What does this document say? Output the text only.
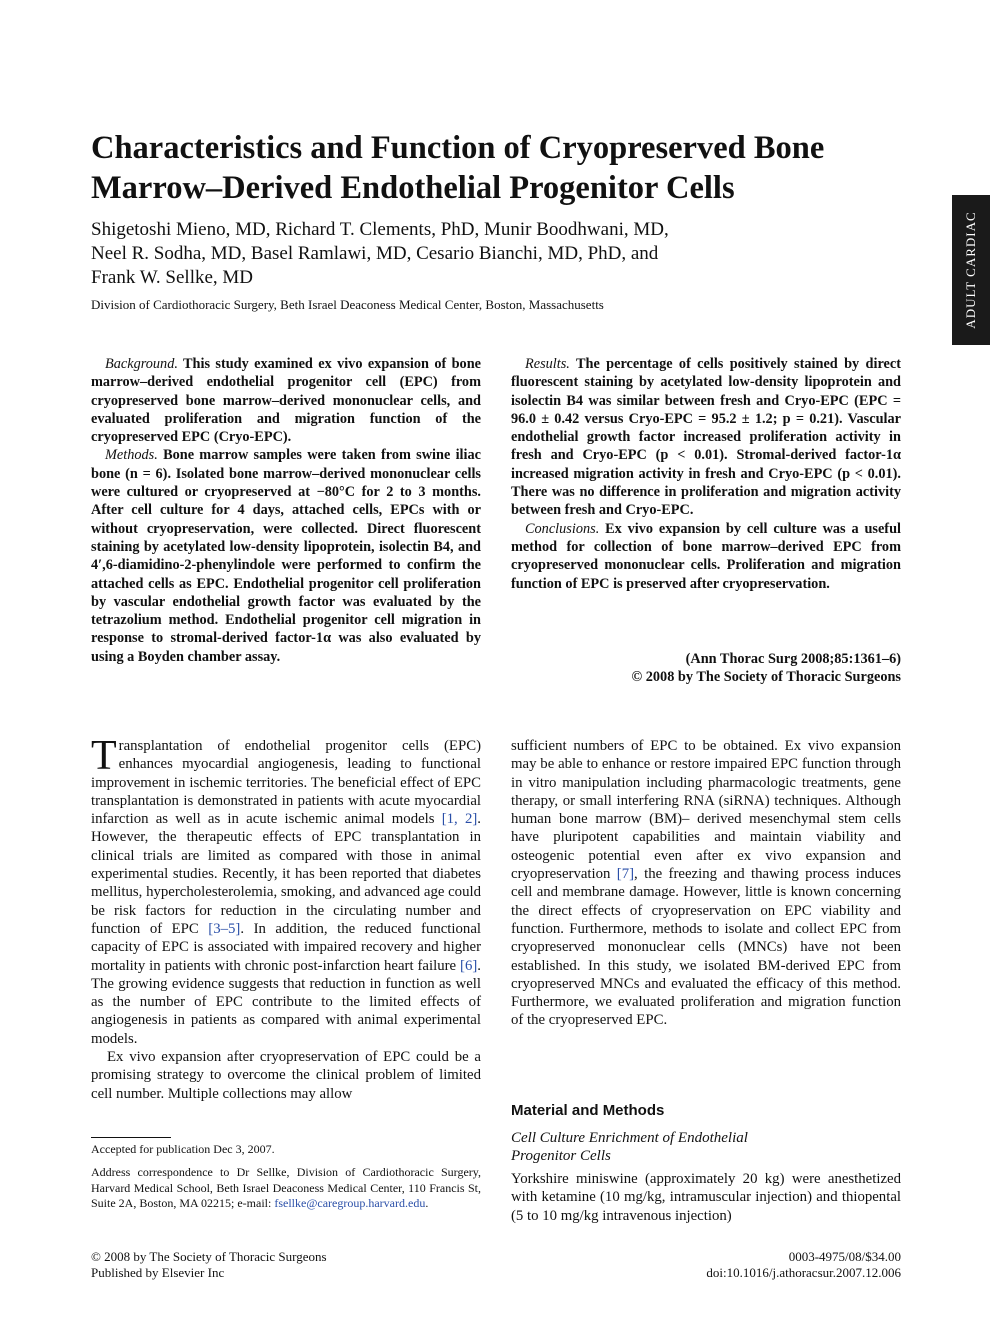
Characteristics and Function of Cryopreserved Bone Marrow–Derived Endothelial Progenitor Cells
Shigetoshi Mieno, MD, Richard T. Clements, PhD, Munir Boodhwani, MD,
Neel R. Sodha, MD, Basel Ramlawi, MD, Cesario Bianchi, MD, PhD, and
Frank W. Sellke, MD
Division of Cardiothoracic Surgery, Beth Israel Deaconess Medical Center, Boston, Massachusetts	ADULT CARDIAC

Background. This study examined ex vivo expansion of bone marrow–derived endothelial progenitor cell (EPC) from cryopreserved bone marrow–derived mononuclear cells, and evaluated proliferation and migration function of the cryopreserved EPC (Cryo-EPC).

Methods. Bone marrow samples were taken from swine iliac bone (n = 6). Isolated bone marrow–derived mononuclear cells were cultured or cryopreserved at −80°C for 2 to 3 months. After cell culture for 4 days, attached cells, EPCs with or without cryopreservation, were collected. Direct fluorescent staining by acetylated low-density lipoprotein, isolectin B4, and 4′,6-diamidino-2-phenylindole were performed to confirm the attached cells as EPC. Endothelial progenitor cell proliferation by vascular endothelial growth factor was evaluated by the tetrazolium method. Endothelial progenitor cell migration in response to stromal-derived factor-1α was also evaluated by using a Boyden chamber assay.

Results. The percentage of cells positively stained by direct fluorescent staining by acetylated low-density lipoprotein and isolectin B4 was similar between fresh and Cryo-EPC (EPC = 96.0 ± 0.42 versus Cryo-EPC = 95.2 ± 1.2; p = 0.21). Vascular endothelial growth factor increased proliferation activity in fresh and Cryo-EPC (p < 0.01). Stromal-derived factor-1α increased migration activity in fresh and Cryo-EPC (p < 0.01). There was no difference in proliferation and migration activity between fresh and Cryo-EPC.

Conclusions. Ex vivo expansion by cell culture was a useful method for collection of bone marrow–derived EPC from cryopreserved mononuclear cells. Proliferation and migration function of EPC is preserved after cryopreservation.

(Ann Thorac Surg 2008;85:1361–6)
© 2008 by The Society of Thoracic Surgeons

Transplantation of endothelial progenitor cells (EPC) enhances myocardial angiogenesis, leading to functional improvement in ischemic territories. The beneficial effect of EPC transplantation is demonstrated in patients with acute myocardial infarction as well as in acute ischemic animal models [1, 2]. However, the therapeutic effects of EPC transplantation in clinical trials are limited as compared with those in animal experimental studies. Recently, it has been reported that diabetes mellitus, hypercholesterolemia, smoking, and advanced age could be risk factors for reduction in the circulating number and function of EPC [3–5]. In addition, the reduced functional capacity of EPC is associated with impaired recovery and higher mortality in patients with chronic post-infarction heart failure [6]. The growing evidence suggests that reduction in function as well as the number of EPC contribute to the limited effects of angiogenesis in patients as compared with animal experimental models.

Ex vivo expansion after cryopreservation of EPC could be a promising strategy to overcome the clinical problem of limited cell number. Multiple collections may allow

sufficient numbers of EPC to be obtained. Ex vivo expansion may be able to enhance or restore impaired EPC function through in vitro manipulation including pharmacologic treatments, gene therapy, or small interfering RNA (siRNA) techniques. Although human bone marrow (BM)– derived mesenchymal stem cells have pluripotent capabilities and maintain viability and osteogenic potential even after ex vivo expansion and cryopreservation [7], the freezing and thawing process induces cell and membrane damage. However, little is known concerning the direct effects of cryopreservation on EPC viability and function. Furthermore, methods to isolate and collect EPC from cryopreserved mononuclear cells (MNCs) have not been established. In this study, we isolated BM-derived EPC from cryopreserved MNCs and evaluated the efficacy of this method. Furthermore, we evaluated proliferation and migration function of the cryopreserved EPC.

Material and Methods
Cell Culture Enrichment of Endothelial
Progenitor Cells

Yorkshire miniswine (approximately 20 kg) were anesthetized with ketamine (10 mg/kg, intramuscular injection) and thiopental (5 to 10 mg/kg intravenous injection)

Accepted for publication Dec 3, 2007.

Address correspondence to Dr Sellke, Division of Cardiothoracic Surgery, Harvard Medical School, Beth Israel Deaconess Medical Center, 110 Francis St, Suite 2A, Boston, MA 02215; e-mail: fsellke@caregroup.harvard.edu.

© 2008 by The Society of Thoracic Surgeons
Published by Elsevier Inc
0003-4975/08/$34.00
doi:10.1016/j.athoracsur.2007.12.006
